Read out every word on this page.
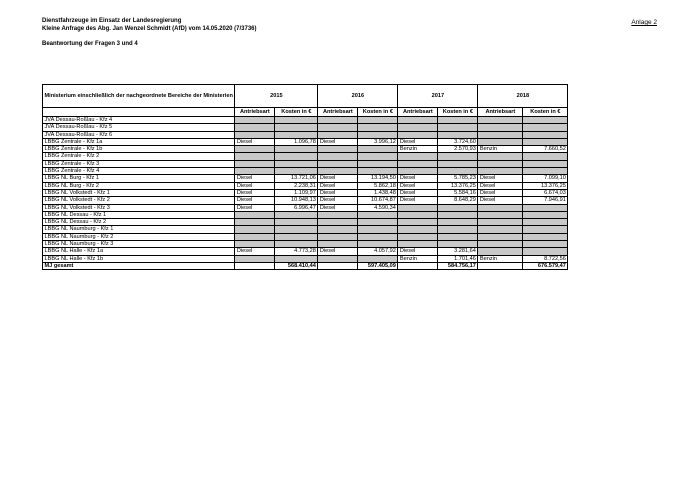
Dienstfahrzeuge im Einsatz der Landesregierung
Kleine Anfrage des Abg. Jan Wenzel Schmidt (AfD) vom 14.05.2020 (7/3736)
Beantwortung der Fragen 3 und 4
Anlage 2
Ministerium einschließlich der nachgeordnete Bereiche der Ministerien	2015		2016		2017		2018	
	Antriebsart	Kosten in €	Antriebsart	Kosten in €	Antriebsart	Kosten in €	Antriebsart	Kosten in €
JVA Dessau-Roßlau - Kfz 4								
JVA Dessau-Roßlau - Kfz 5								
JVA Dessau-Roßlau - Kfz 6								
LBBG Zentrale - Kfz 1a	Diesel	1.096,78	Diesel	3.996,12	Diesel	3.724,60		
LBBG Zentrale - Kfz 1b					Benzin	2.570,93	Benzin	7.660,52
LBBG Zentrale - Kfz 2								
LBBG Zentrale - Kfz 3								
LBBG Zentrale - Kfz 4								
LBBG NL Burg - Kfz 1	Diesel	13.721,06	Diesel	13.194,50	Diesel	5.785,23	Diesel	7.099,10
LBBG NL Burg - Kfz 2	Diesel	2.238,31	Diesel	5.862,18	Diesel	13.376,25	Diesel	13.376,25
LBBG NL Volkstedt - Kfz 1	Diesel	1.109,97	Diesel	1.438,48	Diesel	5.584,16	Diesel	6.674,03
LBBG NL Volkstedt - Kfz 2	Diesel	10.948,13	Diesel	10.674,87	Diesel	8.648,29	Diesel	7.946,91
LBBG NL Volkstedt - Kfz 3	Diesel	6.996,47	Diesel	4.590,34				
LBBG NL Dessau - Kfz 1								
LBBG NL Dessau - Kfz 2								
LBBG NL Naumburg - Kfz 1								
LBBG NL Naumburg - Kfz 2								
LBBG NL Naumburg - Kfz 3								
LBBG NL Halle - Kfz 1a	Diesel	4.773,28	Diesel	4.057,92	Diesel	3.281,64		
LBBG NL Halle - Kfz 1b					Benzin	1.701,46	Benzin	8.722,56
MJ gesamt		568.410,44		597.405,09		584.756,17		676.579,47
